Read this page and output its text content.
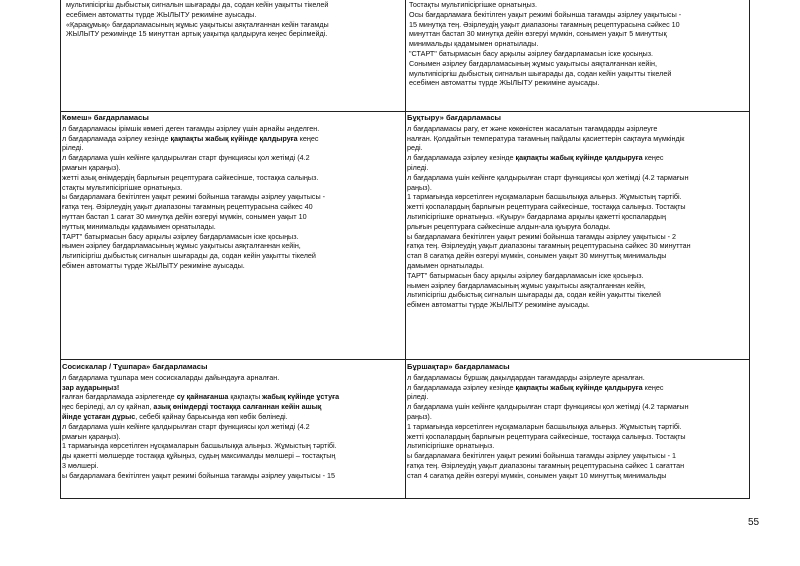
мультипісіргіш дыбыстық сигналын шығарады да, содан кейін уақытты тікелей

есебімен автоматты түрде ЖЫЛЫТУ режиміне ауысады.

«Қарақұмық» бағдарламасының жұмыс уақытысы аяқталғаннан кейін тағамды

ЖЫЛЫТУ режимінде 15 минуттан артық уақытқа қалдыруға кеңес берілмейді.

Тостақты мультипісіргішке орнатыңыз.

Осы бағдарламаға бекітілген уақыт режимі бойынша тағамды әзірлеу уақытысы -

15 минутқа тең. Әзірлеудің уақыт диапазоны тағамның рецептурасына сәйкес 10

минуттан бастап 30 минутқа дейін өзгеруі мүмкін, сонымен уақыт 5 минуттық

минимальды қадамымен орнатылады.

"СТАРТ" батырмасын басу арқылы әзірлеу бағдарламасын іске қосыңыз.

Сонымен әзірлеу бағдарламасының жұмыс уақытысы аяқталғаннан кейін,

мультипісіргіш дыбыстық сигналын шығарады да, содан кейін уақытты тікелей

есебімен автоматты түрде ЖЫЛЫТУ режиміне ауысады.

Көмеш» бағдарламасы

л бағдарламасы ірімшік көмегі деген тағамды әзірлеу үшін арнайы әнделген.

л бағдарламада әзірлеу кезінде қақпақты жабық күйінде қалдыруға кеңес

ріледі.

л бағдарлама үшін кейінге қалдырылған старт функциясы қол жетімді (4.2

рмағын қараңыз).

жетті азық өнімдердің барлығын рецептураға сәйкесінше, тостақка салыңыз.

стақты мультипісіргішке орнатыңыз.

ы бағдарламаға бекітілген уақыт режимі бойынша тағамды әзірлеу уақытысы -

ғатқа тең. Әзірлеудің уақыт диапазоны тағамның рецептурасына сәйкес 40

нуттан бастап 1 сағат 30 минутқа дейін өзгеруі мүмкін, сонымен уақыт 10

нуттық минимальды қадамымен орнатылады.

ТАРТ" батырмасын басу арқылы әзірлеу бағдарламасын іске қосыңыз.

нымен әзірлеу бағдарламасының жұмыс уақытысы аяқталғаннан кейін,

льтипісіргіш дыбыстық сигналын шығарады да, содан кейін уақытты тікелей

ебімен автоматты түрде ЖЫЛЫТУ режиміне ауысады.

Бұқтыру» бағдарламасы

л бағдарламасы рагу, ет және көкөністен жасалатын тағамдарды әзірлеуге

налған. Қолдайтын температура тағамның пайдалы қасиеттерін сақтауға мүмкіндік

реді.

л бағдарламада әзірлеу кезінде қақпақты жабық күйінде қалдыруға кеңес

ріледі.

л бағдарлама үшін кейінге қалдырылған старт функциясы қол жетімді (4.2 тармағын

раңыз).

1 тармағында көрсетілген нұсқамаларын басшылыққа алыңыз. Жұмыстың тәртібі.

жетті қоспалардың барлығын рецептураға сәйкесінше, тостаққа салыңыз. Тостақты

льтипісіргішке орнатыңыз. «Қуыру» бағдарлама арқылы қажетті қоспалардың

рлығын рецептураға сәйкесінше алдын-ала қуыруға болады.

ы бағдарламаға бекітілген уақыт режимі бойынша тағамды әзірлеу уақытысы - 2

ғатқа тең. Әзірлеудің уақыт диапазоны тағамның рецептурасына сәйкес 30 минуттан

стап 8 сағатқа дейін өзгеруі мүмкін, сонымен уақыт 30 минуттық минимальды

дамымен орнатылады.

ТАРТ" батырмасын басу арқылы әзірлеу бағдарламасын іске қосыңыз.

нымен әзірлеу бағдарламасының жұмыс уақытысы аяқталғаннан кейін,

льтипісіргіш дыбыстық сигналын шығарады да, содан кейін уақытты тікелей

ебімен автоматты түрде ЖЫЛЫТУ режиміне ауысады.

Сосискалар / Тұшпара» бағдарламасы

л бағдарлама тұшпара мен сосискаларды дайындауға арналған.

зар аударыңыз!

ғалған бағдарламада әзірлегенде су қайнағанша қақпақты жабық күйінде ұстуға

ңес беріледі, ал су қайнап, азық өнімдерді тостаққа салғаннан кейін ашық

йінде ұстаған дұрыс, себебі қайнау барысында көп көбік бөлінеді.

л бағдарлама үшін кейінге қалдырылған старт функциясы қол жетімді (4.2

рмағын қараңыз).

1 тармағында көрсетілген нұсқамаларын басшылыққа алыңыз. Жұмыстың тәртібі.

ды қажетті мөлшерде тостаққа құйыңыз, судың максималды мөлшері – тостақтың

3 мөлшері.

ы бағдарламаға бекітілген уақыт режимі бойынша тағамды әзірлеу уақытысы - 15

Бұршақтар» бағдарламасы

л бағдарламасы бұршақ дақылдардан тағамдарды әзірлеуге арналған.

л бағдарламада әзірлеу кезінде қақпақты жабық күйінде қалдыруға кеңес

ріледі.

л бағдарлама үшін кейінге қалдырылған старт функциясы қол жетімді (4.2 тармағын

раңыз).

1 тармағында көрсетілген нұсқамаларын басшылыққа алыңыз. Жұмыстың тәртібі.

жетті қоспалардың барлығын рецептураға сәйкесінше, тостаққа салыңыз. Тостақты

льтипісіргішке орнатыңыз.

ы бағдарламаға бекітілген уақыт режимі бойынша тағамды әзірлеу уақытысы - 1

ғатқа тең. Әзірлеудің уақыт диапазоны тағамның рецептурасына сәйкес 1 сағаттан

стап 4 сағатқа дейін өзгеруі мүмкін, сонымен уақыт 10 минуттық минимальды

55
